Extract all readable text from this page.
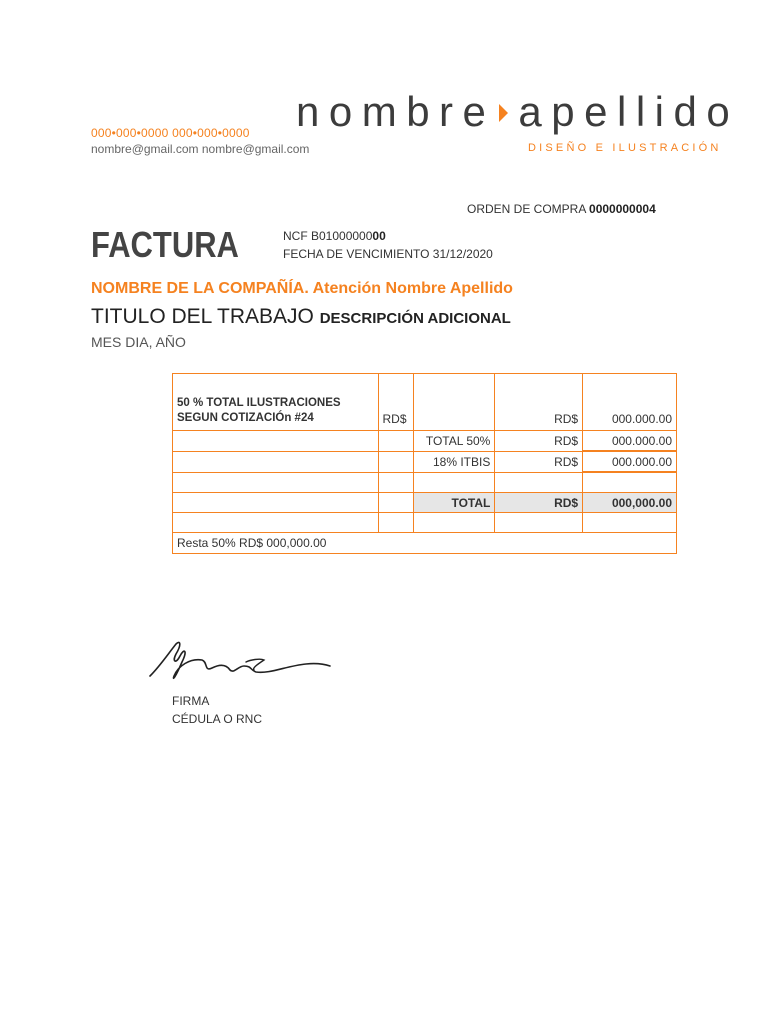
000•000•0000 000•000•0000
nombre@gmail.com nombre@gmail.com
nombre apellido
DISEÑO E ILUSTRACIÓN
ORDEN DE COMPRA 0000000004
FACTURA	NCF B0100000000
FECHA DE VENCIMIENTO 31/12/2020
NOMBRE DE LA COMPAÑÍA. Atención Nombre Apellido
TITULO DEL TRABAJO DESCRIPCIÓN ADICIONAL
MES DIA, AÑO
50 % TOTAL ILUSTRACIONES SEGUN COTIZACIÓn #24	RD$		RD$	000.000.00
		TOTAL 50%	RD$	000.000.00
		18% ITBIS	RD$	000.000.00

		TOTAL	RD$	000,000.00

Resta 50% RD$ 000,000.00				
FIRMA
CÉDULA O RNC
